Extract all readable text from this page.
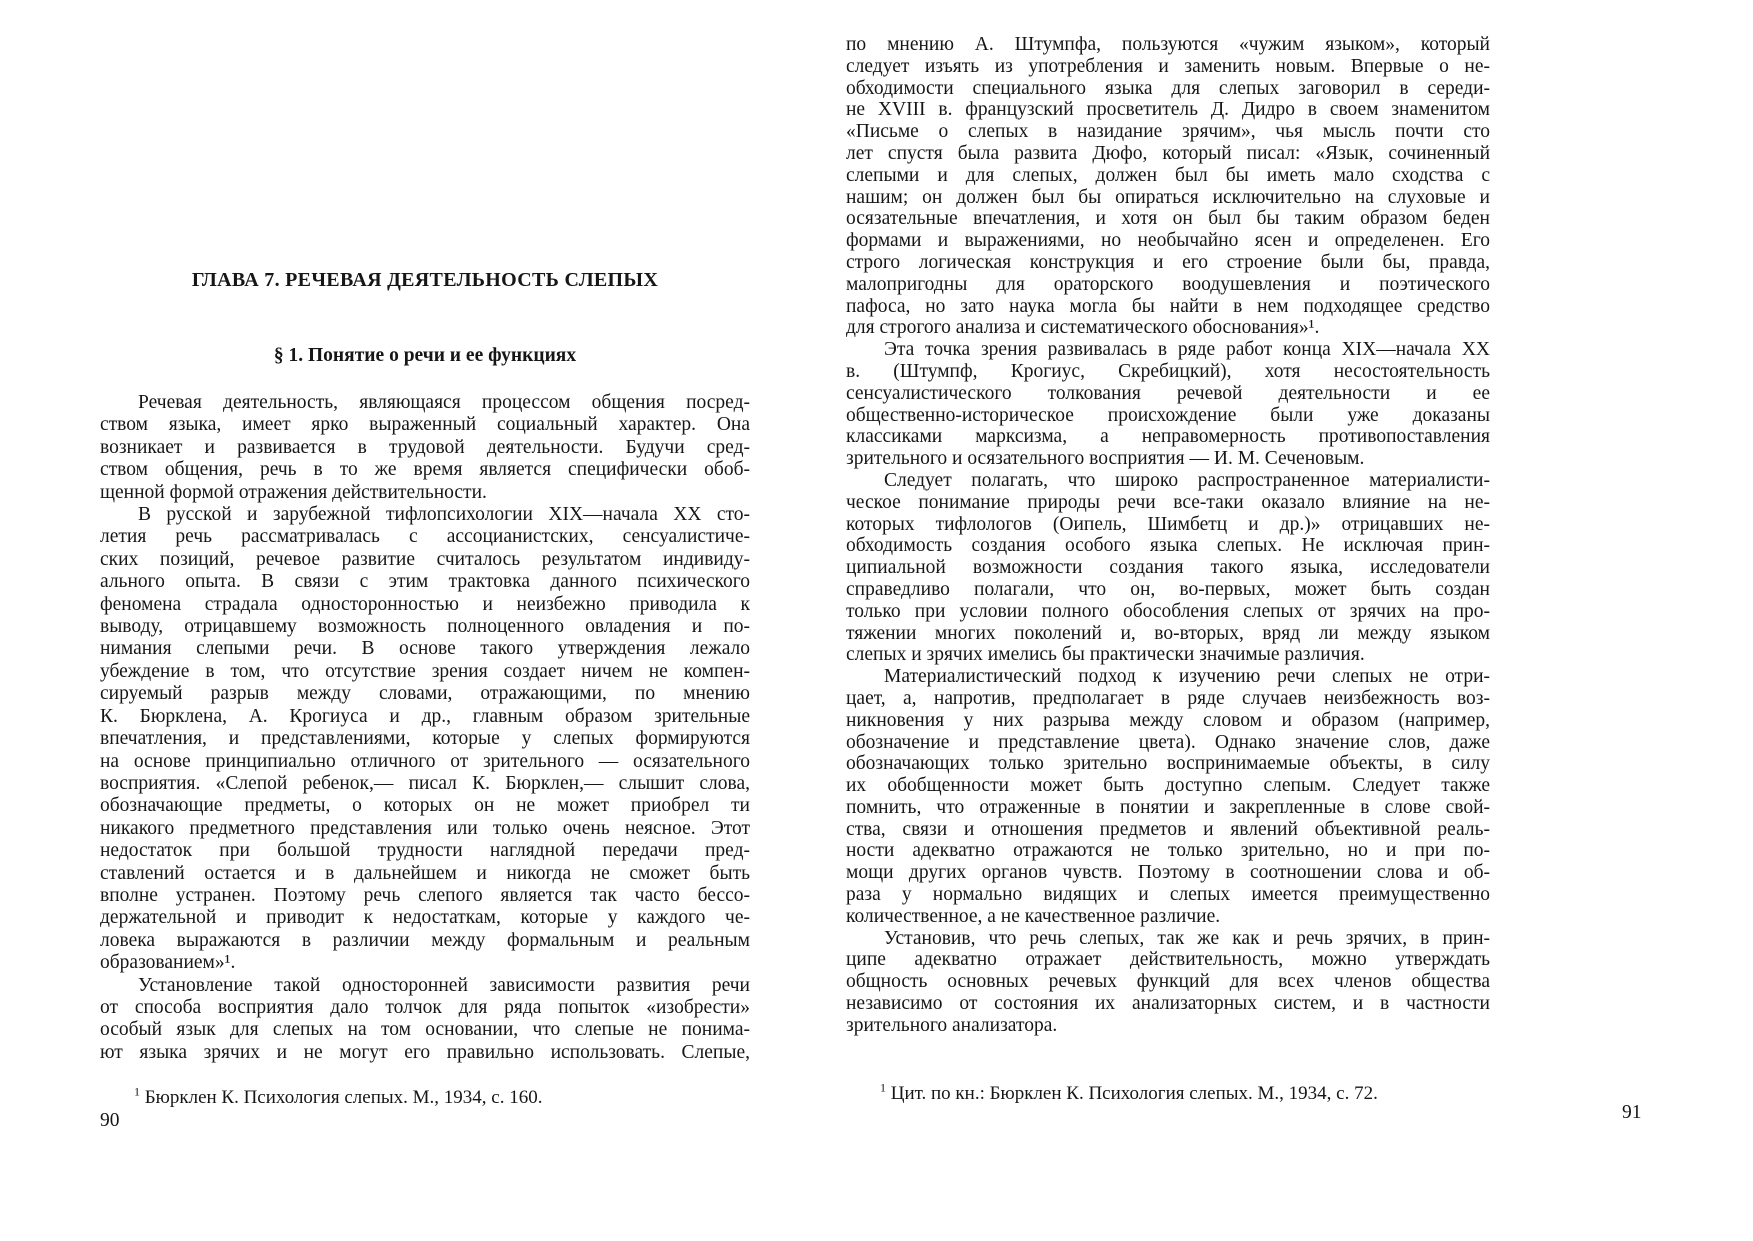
ГЛАВА 7. РЕЧЕВАЯ ДЕЯТЕЛЬНОСТЬ СЛЕПЫХ
§ 1. Понятие о речи и ее функциях
Речевая деятельность, являющаяся процессом общения посред-
ством языка, имеет ярко выраженный социальный характер. Она
возникает и развивается в трудовой деятельности. Будучи сред-
ством общения, речь в то же время является специфически обоб-
щенной формой отражения действительности.
В русской и зарубежной тифлопсихологии XIX—начала XX сто-
летия речь рассматривалась с ассоцианистских, сенсуалистиче-
ских позиций, речевое развитие считалось результатом индивиду-
ального опыта. В связи с этим трактовка данного психического
феномена страдала односторонностью и неизбежно приводила к
выводу, отрицавшему возможность полноценного овладения и по-
нимания слепыми речи. В основе такого утверждения лежало
убеждение в том, что отсутствие зрения создает ничем не компен-
сируемый разрыв между словами, отражающими, по мнению
К. Бюрклена, А. Крогиуса и др., главным образом зрительные
впечатления, и представлениями, которые у слепых формируются
на основе принципиально отличного от зрительного — осязательного
восприятия. «Слепой ребенок,— писал К. Бюрклен,— слышит слова,
обозначающие предметы, о которых он не может приобрел ти
никакого предметного представления или только очень неясное. Этот
недостаток при большой трудности наглядной передачи пред-
ставлений остается и в дальнейшем и никогда не сможет быть
вполне устранен. Поэтому речь слепого является так часто бессо-
держательной и приводит к недостаткам, которые у каждого че-
ловека выражаются в различии между формальным и реальным
образованием»¹.
Установление такой односторонней зависимости развития речи
от способа восприятия дало толчок для ряда попыток «изобрести»
особый язык для слепых на том основании, что слепые не понима-
ют языка зрячих и не могут его правильно использовать. Слепые,
по мнению А. Штумпфа, пользуются «чужим языком», который
следует изъять из употребления и заменить новым. Впервые о не-
обходимости специального языка для слепых заговорил в середи-
не XVIII в. французский просветитель Д. Дидро в своем знаменитом
«Письме о слепых в назидание зрячим», чья мысль почти сто
лет спустя была развита Дюфо, который писал: «Язык, сочиненный
слепыми и для слепых, должен был бы иметь мало сходства с
нашим; он должен был бы опираться исключительно на слуховые и
осязательные впечатления, и хотя он был бы таким образом беден
формами и выражениями, но необычайно ясен и определенен. Его
строго логическая конструкция и его строение были бы, правда,
малопригодны для ораторского воодушевления и поэтического
пафоса, но зато наука могла бы найти в нем подходящее средство
для строгого анализа и систематического обоснования»¹.
Эта точка зрения развивалась в ряде работ конца XIX—начала XX
в. (Штумпф, Крогиус, Скребицкий), хотя несостоятельность
сенсуалистического толкования речевой деятельности и ее
общественно-историческое происхождение были уже доказаны
классиками марксизма, а неправомерность противопоставления
зрительного и осязательного восприятия — И. М. Сеченовым.
Следует полагать, что широко распространенное материалисти-
ческое понимание природы речи все-таки оказало влияние на не-
которых тифлологов (Оипель, Шимбетц и др.)» отрицавших не-
обходимость создания особого языка слепых. Не исключая прин-
ципиальной возможности создания такого языка, исследователи
справедливо полагали, что он, во-первых, может быть создан
только при условии полного обособления слепых от зрячих на про-
тяжении многих поколений и, во-вторых, вряд ли между языком
слепых и зрячих имелись бы практически значимые различия.
Материалистический подход к изучению речи слепых не отри-
цает, а, напротив, предполагает в ряде случаев неизбежность воз-
никновения у них разрыва между словом и образом (например,
обозначение и представление цвета). Однако значение слов, даже
обозначающих только зрительно воспринимаемые объекты, в силу
их обобщенности может быть доступно слепым. Следует также
помнить, что отраженные в понятии и закрепленные в слове свой-
ства, связи и отношения предметов и явлений объективной реаль-
ности адекватно отражаются не только зрительно, но и при по-
мощи других органов чувств. Поэтому в соотношении слова и об-
раза у нормально видящих и слепых имеется преимущественно
количественное, а не качественное различие.
Установив, что речь слепых, так же как и речь зрячих, в прин-
ципе адекватно отражает действительность, можно утверждать
общность основных речевых функций для всех членов общества
независимо от состояния их анализаторных систем, и в частности
зрительного анализатора.
$^1$ Бюрклен К. Психология слепых. М., 1934, с. 160.	$^1$ Цит. по кн.: Бюрклен К. Психология слепых. М., 1934, с. 72.
90	91
